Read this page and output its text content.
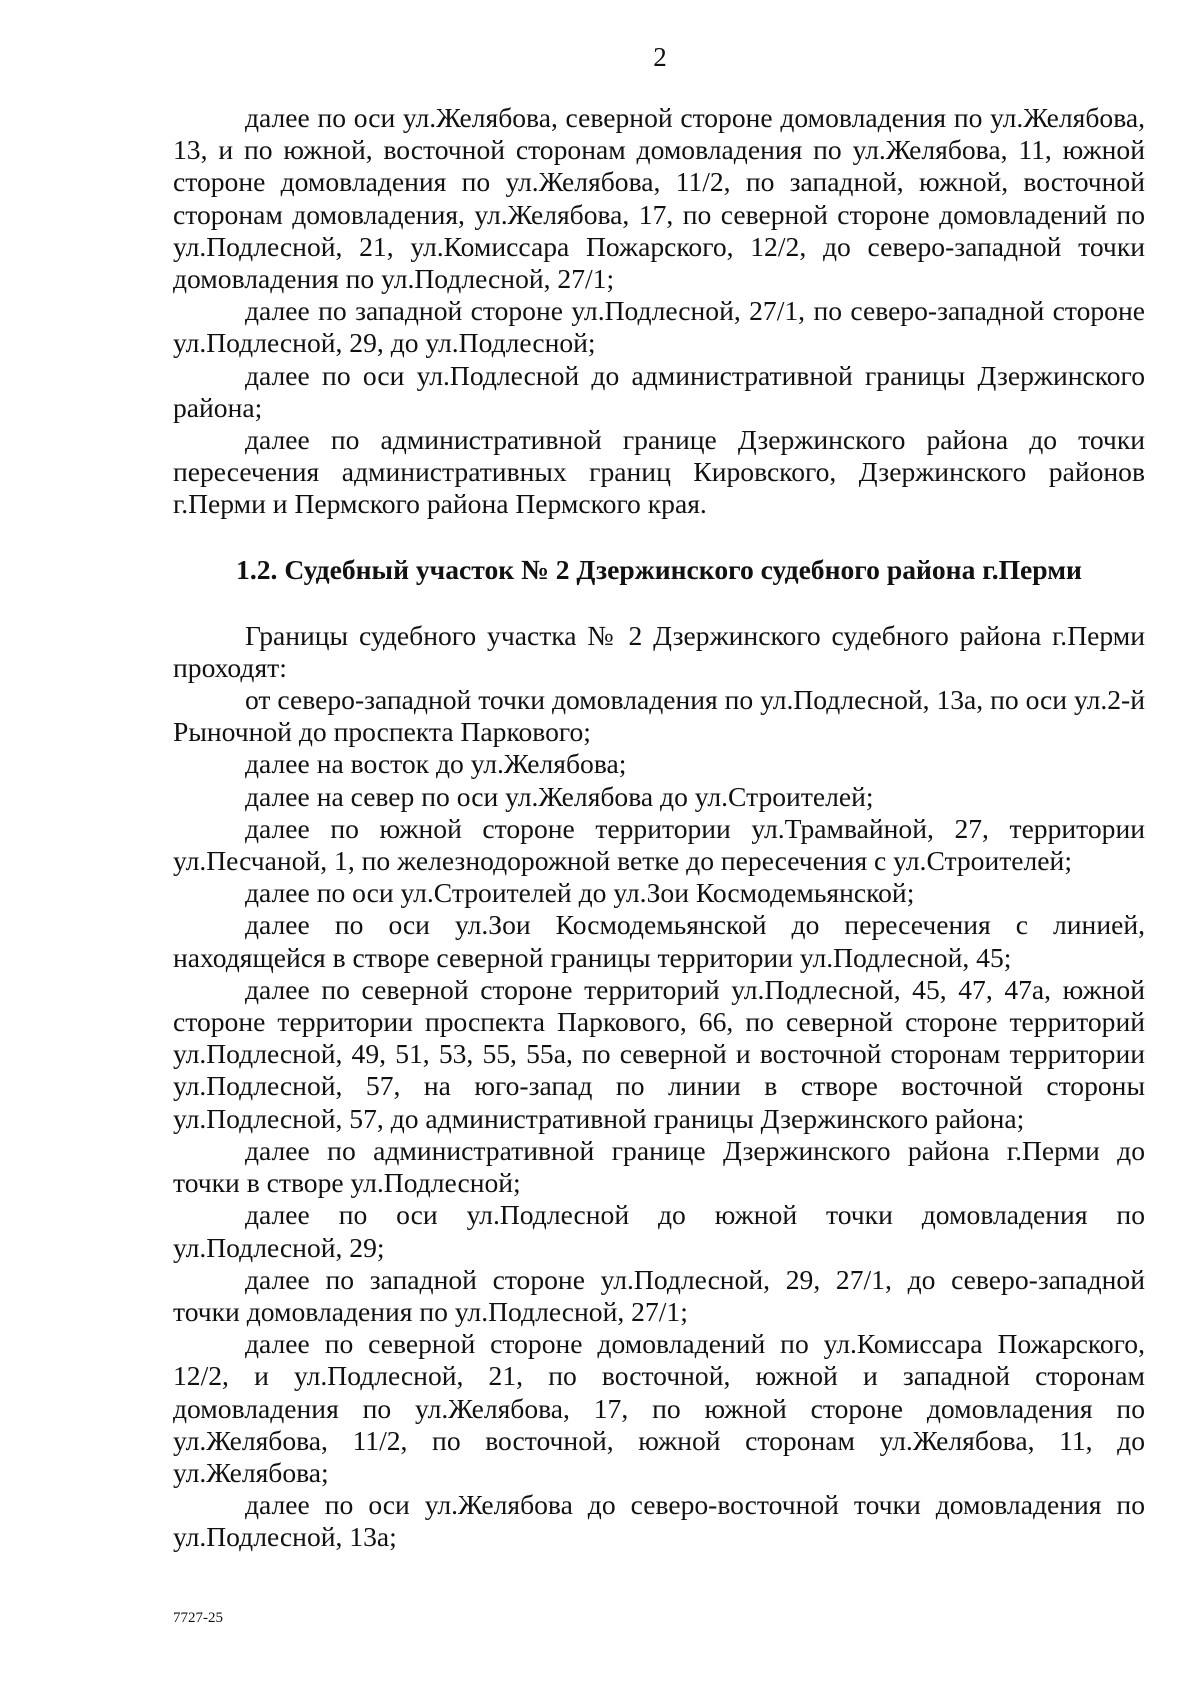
2

далее по оси ул.Желябова, северной стороне домовладения по ул.Желябова, 13, и по южной, восточной сторонам домовладения по ул.Желябова, 11, южной стороне домовладения по ул.Желябова, 11/2, по западной, южной, восточной сторонам домовладения, ул.Желябова, 17, по северной стороне домовладений по ул.Подлесной, 21, ул.Комиссара Пожарского, 12/2, до северо-западной точки домовладения по ул.Подлесной, 27/1;

далее по западной стороне ул.Подлесной, 27/1, по северо-западной стороне ул.Подлесной, 29, до ул.Подлесной;

далее по оси ул.Подлесной до административной границы Дзержинского района;

далее по административной границе Дзержинского района до точки пересечения административных границ Кировского, Дзержинского районов г.Перми и Пермского района Пермского края.

1.2. Судебный участок № 2 Дзержинского судебного района г.Перми

Границы судебного участка № 2 Дзержинского судебного района г.Перми проходят:

от северо-западной точки домовладения по ул.Подлесной, 13а, по оси ул.2-й Рыночной до проспекта Паркового;

далее на восток до ул.Желябова;

далее на север по оси ул.Желябова до ул.Строителей;

далее по южной стороне территории ул.Трамвайной, 27, территории ул.Песчаной, 1, по железнодорожной ветке до пересечения с ул.Строителей;

далее по оси ул.Строителей до ул.Зои Космодемьянской;

далее по оси ул.Зои Космодемьянской до пересечения с линией, находящейся в створе северной границы территории ул.Подлесной, 45;

далее по северной стороне территорий ул.Подлесной, 45, 47, 47а, южной стороне территории проспекта Паркового, 66, по северной стороне территорий ул.Подлесной, 49, 51, 53, 55, 55а, по северной и восточной сторонам территории ул.Подлесной, 57, на юго-запад по линии в створе восточной стороны ул.Подлесной, 57, до административной границы Дзержинского района;

далее по административной границе Дзержинского района г.Перми до точки в створе ул.Подлесной;

далее по оси ул.Подлесной до южной точки домовладения по ул.Подлесной, 29;

далее по западной стороне ул.Подлесной, 29, 27/1, до северо-западной точки домовладения по ул.Подлесной, 27/1;

далее по северной стороне домовладений по ул.Комиссара Пожарского, 12/2, и ул.Подлесной, 21, по восточной, южной и западной сторонам домовладения по ул.Желябова, 17, по южной стороне домовладения по ул.Желябова, 11/2, по восточной, южной сторонам ул.Желябова, 11, до ул.Желябова;

далее по оси ул.Желябова до северо-восточной точки домовладения по ул.Подлесной, 13а;

7727-25
